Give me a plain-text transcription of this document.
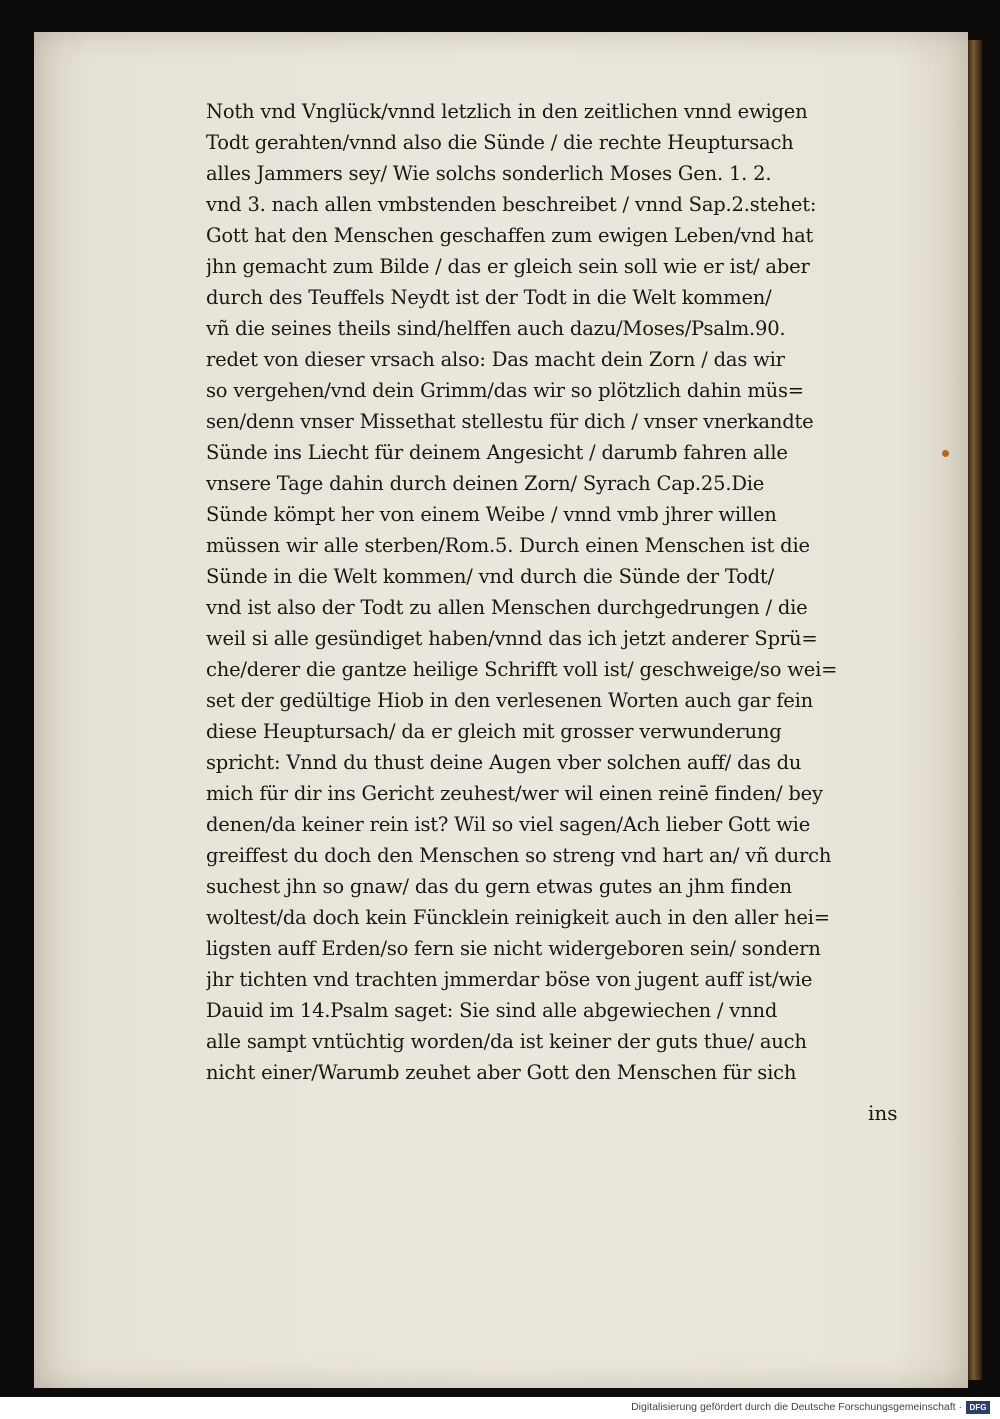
Noth vnd Vnglück/vnnd letzlich in den zeitlichen vnnd ewigen
Todt gerahten/vnnd also die Sünde / die rechte Heuptursach
alles Jammers sey/ Wie solchs sonderlich Moses Gen. 1. 2.
vnd 3. nach allen vmbstenden beschreibet / vnnd Sap.2.stehet:
Gott hat den Menschen geschaffen zum ewigen Leben/vnd hat
jhn gemacht zum Bilde / das er gleich sein soll wie er ist/ aber
durch des Teuffels Neydt ist der Todt in die Welt kommen/
vñ die seines theils sind/helffen auch dazu/Moses/Psalm.90.
redet von dieser vrsach also: Das macht dein Zorn / das wir
so vergehen/vnd dein Grimm/das wir so plötzlich dahin müs=
sen/denn vnser Missethat stellestu für dich / vnser vnerkandte
Sünde ins Liecht für deinem Angesicht / darumb fahren alle
vnsere Tage dahin durch deinen Zorn/ Syrach Cap.25.Die
Sünde kömpt her von einem Weibe / vnnd vmb jhrer willen
müssen wir alle sterben/Rom.5. Durch einen Menschen ist die
Sünde in die Welt kommen/ vnd durch die Sünde der Todt/
vnd ist also der Todt zu allen Menschen durchgedrungen / die
weil si alle gesündiget haben/vnnd das ich jetzt anderer Sprü=
che/derer die gantze heilige Schrifft voll ist/ geschweige/so wei=
set der gedültige Hiob in den verlesenen Worten auch gar fein
diese Heuptursach/ da er gleich mit grosser verwunderung
spricht: Vnnd du thust deine Augen vber solchen auff/ das du
mich für dir ins Gericht zeuhest/wer wil einen reinē finden/ bey
denen/da keiner rein ist? Wil so viel sagen/Ach lieber Gott wie
greiffest du doch den Menschen so streng vnd hart an/ vñ durch
suchest jhn so gnaw/ das du gern etwas gutes an jhm finden
woltest/da doch kein Füncklein reinigkeit auch in den aller hei=
ligsten auff Erden/so fern sie nicht widergeboren sein/ sondern
jhr tichten vnd trachten jmmerdar böse von jugent auff ist/wie
Dauid im 14.Psalm saget: Sie sind alle abgewiechen / vnnd
alle sampt vntüchtig worden/da ist keiner der guts thue/ auch
nicht einer/Warumb zeuhet aber Gott den Menschen für sich
ins
Digitalisierung gefördert durch die Deutsche Forschungsgemeinschaft · DFG
